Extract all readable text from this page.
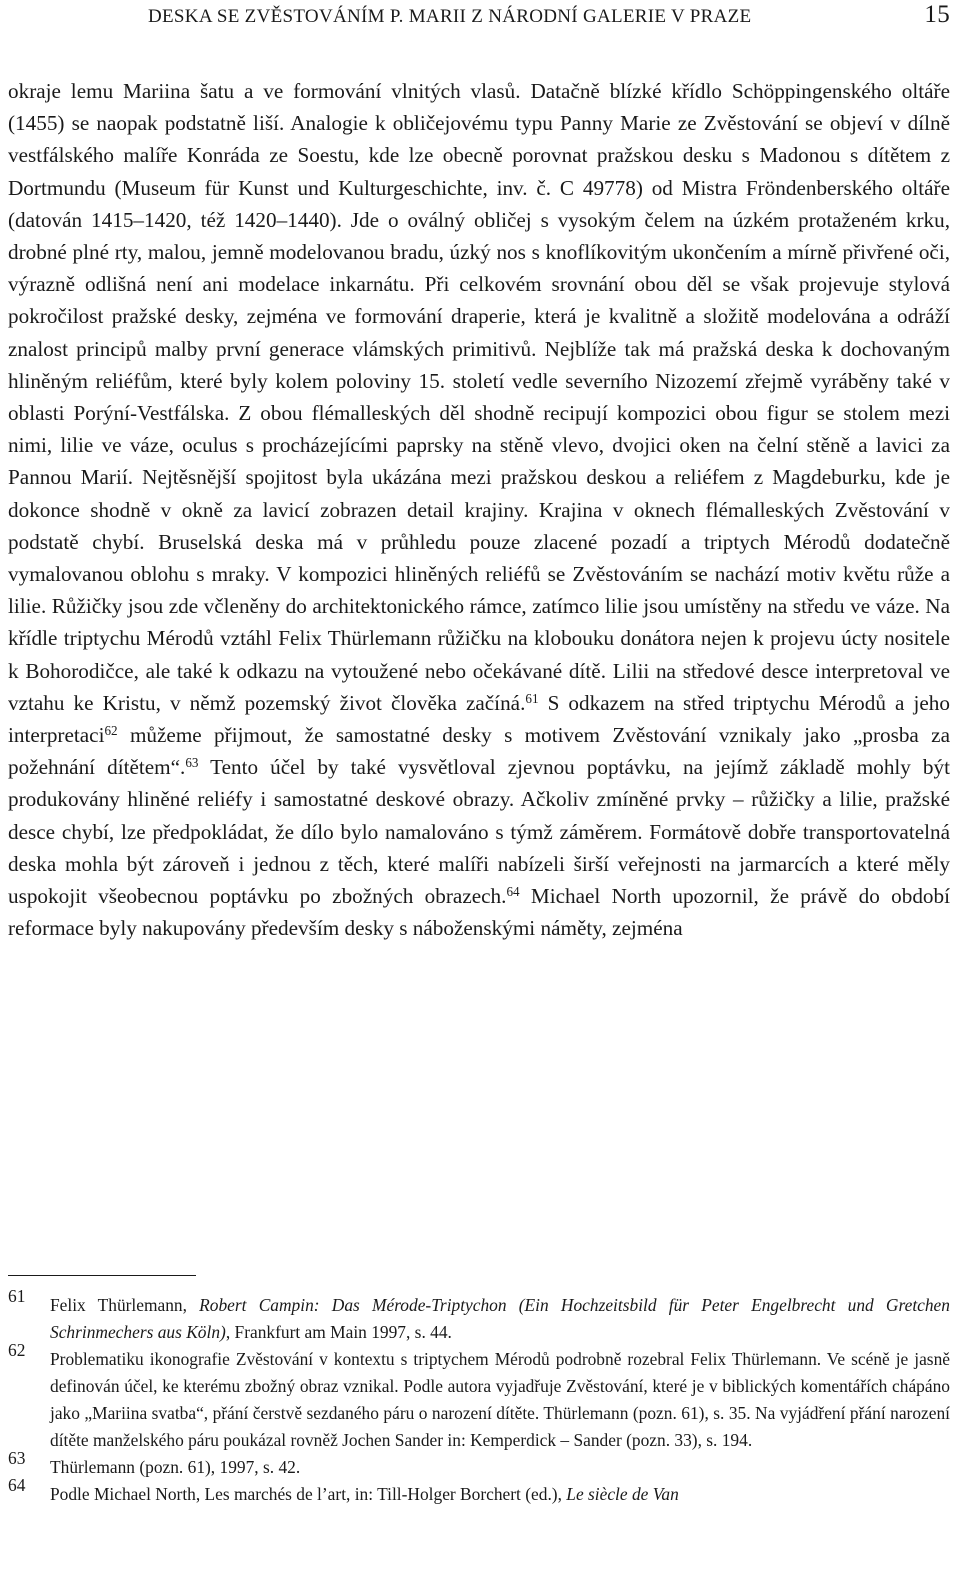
DESKA SE ZVĚSTOVÁNÍM P. MARII Z NÁRODNÍ GALERIE V PRAZE	15

okraje lemu Mariina šatu a ve formování vlnitých vlasů. Datačně blízké křídlo Schöppingenského oltáře (1455) se naopak podstatně liší. Analogie k obličejovému typu Panny Marie ze Zvěstování se objeví v dílně vestfálského malíře Konráda ze Soestu, kde lze obecně porovnat pražskou desku s Madonou s dítětem z Dortmundu (Museum für Kunst und Kulturgeschichte, inv. č. C 49778) od Mistra Fröndenberského oltáře (datován 1415–1420, též 1420–1440). Jde o oválný obličej s vysokým čelem na úzkém protaženém krku, drobné plné rty, malou, jemně modelovanou bradu, úzký nos s knoflíkovitým ukončením a mírně přivřené oči, výrazně odlišná není ani modelace inkarnátu. Při celkovém srovnání obou děl se však projevuje stylová pokročilost pražské desky, zejména ve formování draperie, která je kvalitně a složitě modelována a odráží znalost principů malby první generace vlámských primitivů. Nejblíže tak má pražská deska k dochovaným hliněným reliéfům, které byly kolem poloviny 15. století vedle severního Nizozemí zřejmě vyráběny také v oblasti Porýní-Vestfálska. Z obou flémalleských děl shodně recipují kompozici obou figur se stolem mezi nimi, lilie ve váze, oculus s procházejícími paprsky na stěně vlevo, dvojici oken na čelní stěně a lavici za Pannou Marií. Nejtěsnější spojitost byla ukázána mezi pražskou deskou a reliéfem z Magdeburku, kde je dokonce shodně v okně za lavicí zobrazen detail krajiny. Krajina v oknech flémalleských Zvěstování v podstatě chybí. Bruselská deska má v průhledu pouze zlacené pozadí a triptych Mérodů dodatečně vymalovanou oblohu s mraky. V kompozici hliněných reliéfů se Zvěstováním se nachází motiv květu růže a lilie. Růžičky jsou zde včleněny do architektonického rámce, zatímco lilie jsou umístěny na středu ve váze. Na křídle triptychu Mérodů vztáhl Felix Thürlemann růžičku na klobouku donátora nejen k projevu úcty nositele k Bohorodičce, ale také k odkazu na vytoužené nebo očekávané dítě. Lilii na středové desce interpretoval ve vztahu ke Kristu, v němž pozemský život člověka začíná.$^{61}$ S odkazem na střed triptychu Mérodů a jeho interpretaci$^{62}$ můžeme přijmout, že samostatné desky s motivem Zvěstování vznikaly jako „prosba za požehnání dítětem“.$^{63}$ Tento účel by také vysvětloval zjevnou poptávku, na jejímž základě mohly být produkovány hliněné reliéfy i samostatné deskové obrazy. Ačkoliv zmíněné prvky – růžičky a lilie, pražské desce chybí, lze předpokládat, že dílo bylo namalováno s týmž záměrem. Formátově dobře transportovatelná deska mohla být zároveň i jednou z těch, které malíři nabízeli širší veřejnosti na jarmarcích a které měly uspokojit všeobecnou poptávku po zbožných obrazech.$^{64}$ Michael North upozornil, že právě do období reformace byly nakupovány především desky s náboženskými náměty, zejména

61 Felix Thürlemann, Robert Campin: Das Mérode-Triptychon (Ein Hochzeitsbild für Peter Engelbrecht und Gretchen Schrinmechers aus Köln), Frankfurt am Main 1997, s. 44.

62 Problematiku ikonografie Zvěstování v kontextu s triptychem Mérodů podrobně rozebral Felix Thürlemann. Ve scéně je jasně definován účel, ke kterému zbožný obraz vznikal. Podle autora vyjadřuje Zvěstování, které je v biblických komentářích chápáno jako „Mariina svatba“, přání čerstvě sezdaného páru o narození dítěte. Thürlemann (pozn. 61), s. 35. Na vyjádření přání narození dítěte manželského páru poukázal rovněž Jochen Sander in: Kemperdick – Sander (pozn. 33), s. 194.

63 Thürlemann (pozn. 61), 1997, s. 42.

64 Podle Michael North, Les marchés de l’art, in: Till-Holger Borchert (ed.), Le siècle de Van
